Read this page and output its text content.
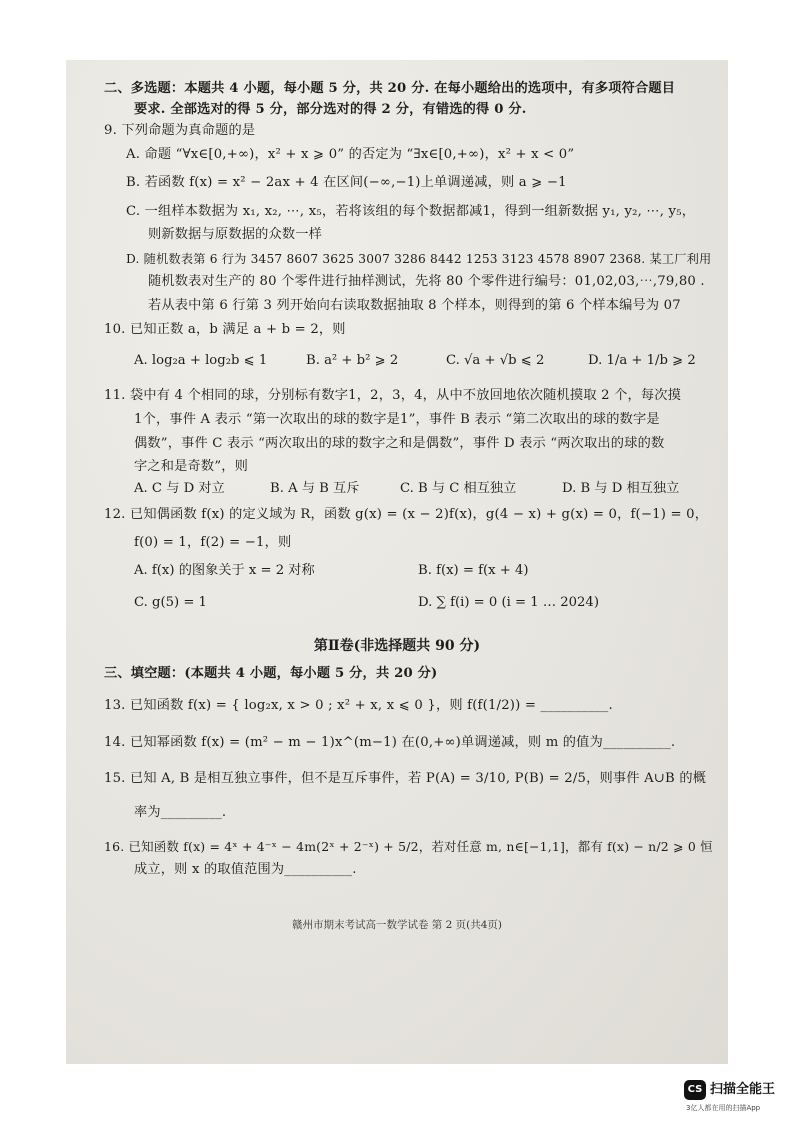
二、多选题：本题共 4 小题，每小题 5 分，共 20 分. 在每小题给出的选项中，有多项符合题目
要求. 全部选对的得 5 分，部分选对的得 2 分，有错选的得 0 分.
9. 下列命题为真命题的是
A. 命题 “∀x∈[0,+∞)，x² + x ⩾ 0” 的否定为 “∃x∈[0,+∞)，x² + x < 0”
B. 若函数 f(x) = x² − 2ax + 4 在区间(−∞,−1)上单调递减，则 a ⩾ −1
C. 一组样本数据为 x₁, x₂, ⋯, x₅，若将该组的每个数据都减1，得到一组新数据 y₁, y₂, ⋯, y₅，
则新数据与原数据的众数一样
D. 随机数表第 6 行为 3457 8607 3625 3007 3286 8442 1253 3123 4578 8907 2368. 某工厂利用
随机数表对生产的 80 个零件进行抽样测试，先将 80 个零件进行编号：01,02,03,⋯,79,80 .
若从表中第 6 行第 3 列开始向右读取数据抽取 8 个样本，则得到的第 6 个样本编号为 07
10. 已知正数 a，b 满足 a + b = 2，则
A. log₂a + log₂b ⩽ 1	B. a² + b² ⩾ 2	C. √a + √b ⩽ 2	D. 1/a + 1/b ⩾ 2
11. 袋中有 4 个相同的球，分别标有数字1，2，3，4，从中不放回地依次随机摸取 2 个，每次摸
1个，事件 A 表示 “第一次取出的球的数字是1”，事件 B 表示 “第二次取出的球的数字是
偶数”，事件 C 表示 “两次取出的球的数字之和是偶数”，事件 D 表示 “两次取出的球的数
字之和是奇数”，则
A. C 与 D 对立	B. A 与 B 互斥	C. B 与 C 相互独立	D. B 与 D 相互独立
12. 已知偶函数 f(x) 的定义域为 R，函数 g(x) = (x − 2)f(x)，g(4 − x) + g(x) = 0，f(−1) = 0，
f(0) = 1，f(2) = −1，则
A. f(x) 的图象关于 x = 2 对称	B. f(x) = f(x + 4)
C. g(5) = 1	D. ∑ f(i) = 0 (i = 1 … 2024)
第Ⅱ卷(非选择题共 90 分)
三、填空题：(本题共 4 小题，每小题 5 分，共 20 分)
13. 已知函数 f(x) = { log₂x, x > 0 ; x² + x, x ⩽ 0 }，则 f(f(1/2)) = __________.
14. 已知幂函数 f(x) = (m² − m − 1)x^(m−1) 在(0,+∞)单调递减，则 m 的值为__________.
15. 已知 A, B 是相互独立事件，但不是互斥事件，若 P(A) = 3/10, P(B) = 2/5，则事件 A∪B 的概
率为_________.
16. 已知函数 f(x) = 4ˣ + 4⁻ˣ − 4m(2ˣ + 2⁻ˣ) + 5/2，若对任意 m, n∈[−1,1]，都有 f(x) − n/2 ⩾ 0 恒
成立，则 x 的取值范围为__________.
赣州市期末考试高一数学试卷 第 2 页(共4页)
CS 扫描全能王
3亿人都在用的扫描App
